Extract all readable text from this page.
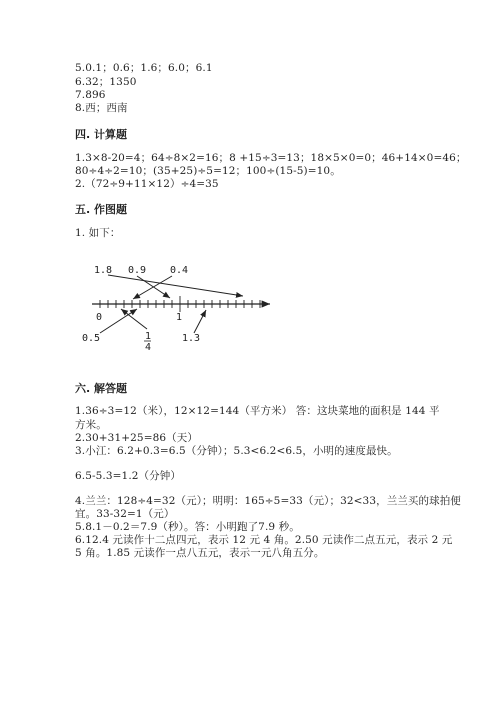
5.0.1；0.6；1.6；6.0；6.1
6.32；1350
7.896
8.西；西南
四. 计算题
1.3×8-20=4；64÷8×2=16；8 +15÷3=13；18×5×0=0；46+14×0=46；
80÷4÷2=10；(35+25)÷5=12；100÷(15-5)=10。
2.（72÷9+11×12）÷4=35
五. 作图题
1. 如下：
1.8 0.9 0.4
0	1
0.5	1.3
1
4
六. 解答题
1.36÷3=12（米），12×12=144（平方米） 答：这块菜地的面积是 144 平
方米。
2.30+31+25=86（天）
3.小江：6.2+0.3=6.5（分钟）；5.3<6.2<6.5，小明的速度最快。
6.5-5.3=1.2（分钟）
4.兰兰：128÷4=32（元）；明明：165÷5=33（元）；32<33，兰兰买的球拍便
宜。33-32=1（元）
5.8.1－0.2＝7.9（秒）。答：小明跑了7.9 秒。
6.12.4 元读作十二点四元，表示 12 元 4 角。2.50 元读作二点五元，表示 2 元
5 角。1.85 元读作一点八五元，表示一元八角五分。
